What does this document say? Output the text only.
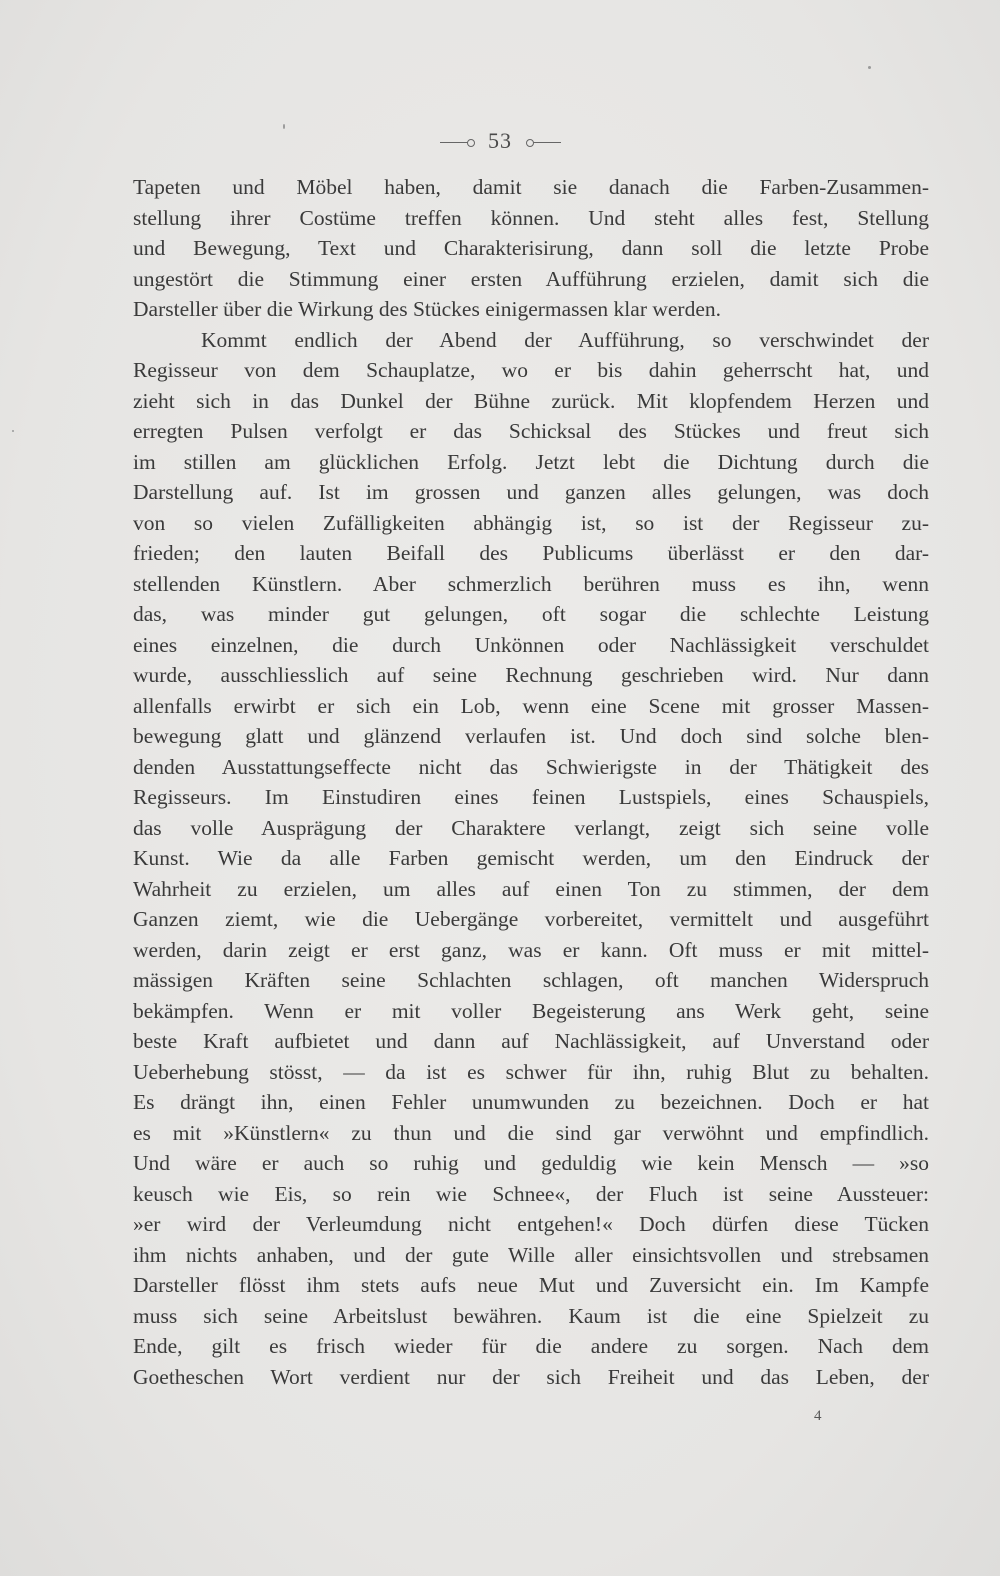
53
Tapeten und Möbel haben, damit sie danach die Farben-Zusammen-
stellung ihrer Costüme treffen können. Und steht alles fest, Stellung
und Bewegung, Text und Charakterisirung, dann soll die letzte Probe
ungestört die Stimmung einer ersten Aufführung erzielen, damit sich die
Darsteller über die Wirkung des Stückes einigermassen klar werden.
Kommt endlich der Abend der Aufführung, so verschwindet der
Regisseur von dem Schauplatze, wo er bis dahin geherrscht hat, und
zieht sich in das Dunkel der Bühne zurück. Mit klopfendem Herzen und
erregten Pulsen verfolgt er das Schicksal des Stückes und freut sich
im stillen am glücklichen Erfolg. Jetzt lebt die Dichtung durch die
Darstellung auf. Ist im grossen und ganzen alles gelungen, was doch
von so vielen Zufälligkeiten abhängig ist, so ist der Regisseur zu-
frieden; den lauten Beifall des Publicums überlässt er den dar-
stellenden Künstlern. Aber schmerzlich berühren muss es ihn, wenn
das, was minder gut gelungen, oft sogar die schlechte Leistung
eines einzelnen, die durch Unkönnen oder Nachlässigkeit verschuldet
wurde, ausschliesslich auf seine Rechnung geschrieben wird. Nur dann
allenfalls erwirbt er sich ein Lob, wenn eine Scene mit grosser Massen-
bewegung glatt und glänzend verlaufen ist. Und doch sind solche blen-
denden Ausstattungseffecte nicht das Schwierigste in der Thätigkeit des
Regisseurs. Im Einstudiren eines feinen Lustspiels, eines Schauspiels,
das volle Ausprägung der Charaktere verlangt, zeigt sich seine volle
Kunst. Wie da alle Farben gemischt werden, um den Eindruck der
Wahrheit zu erzielen, um alles auf einen Ton zu stimmen, der dem
Ganzen ziemt, wie die Uebergänge vorbereitet, vermittelt und ausgeführt
werden, darin zeigt er erst ganz, was er kann. Oft muss er mit mittel-
mässigen Kräften seine Schlachten schlagen, oft manchen Widerspruch
bekämpfen. Wenn er mit voller Begeisterung ans Werk geht, seine
beste Kraft aufbietet und dann auf Nachlässigkeit, auf Unverstand oder
Ueberhebung stösst, — da ist es schwer für ihn, ruhig Blut zu behalten.
Es drängt ihn, einen Fehler unumwunden zu bezeichnen. Doch er hat
es mit »Künstlern« zu thun und die sind gar verwöhnt und empfindlich.
Und wäre er auch so ruhig und geduldig wie kein Mensch — »so
keusch wie Eis, so rein wie Schnee«, der Fluch ist seine Aussteuer:
»er wird der Verleumdung nicht entgehen!« Doch dürfen diese Tücken
ihm nichts anhaben, und der gute Wille aller einsichtsvollen und strebsamen
Darsteller flösst ihm stets aufs neue Mut und Zuversicht ein. Im Kampfe
muss sich seine Arbeitslust bewähren. Kaum ist die eine Spielzeit zu
Ende, gilt es frisch wieder für die andere zu sorgen. Nach dem
Goetheschen Wort verdient nur der sich Freiheit und das Leben, der
4
